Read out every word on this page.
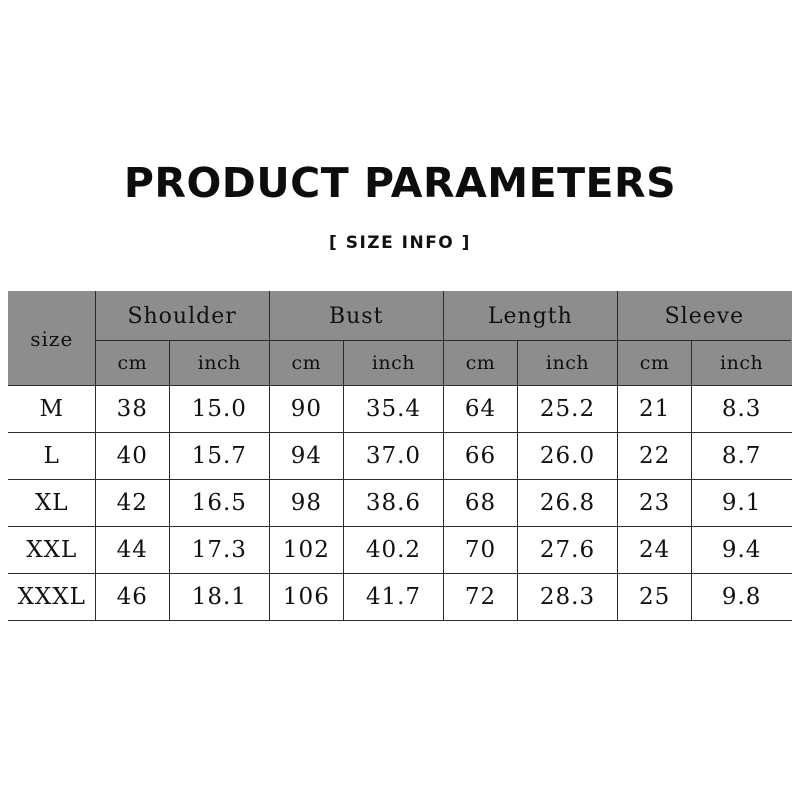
PRODUCT PARAMETERS
[ SIZE INFO ]
size	Shoulder		Bust		Length		Sleeve	
	cm	inch	cm	inch	cm	inch	cm	inch
M	38	15.0	90	35.4	64	25.2	21	8.3
L	40	15.7	94	37.0	66	26.0	22	8.7
XL	42	16.5	98	38.6	68	26.8	23	9.1
XXL	44	17.3	102	40.2	70	27.6	24	9.4
XXXL	46	18.1	106	41.7	72	28.3	25	9.8
